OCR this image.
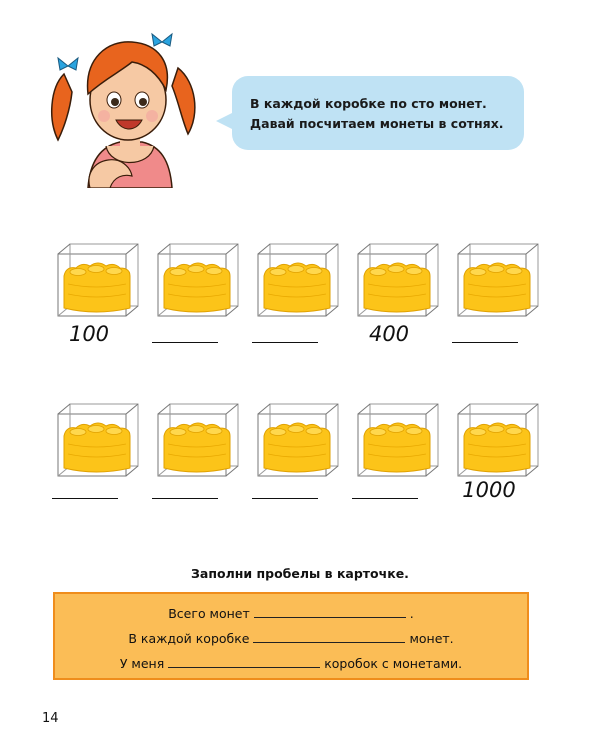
В каждой коробке по сто монет.
Давай посчитаем монеты в сотнях.
100	400
1000
Заполни пробелы в карточке.
Всего монет	.
В каждой коробке	монет.
У меня	коробок с монетами.
14
